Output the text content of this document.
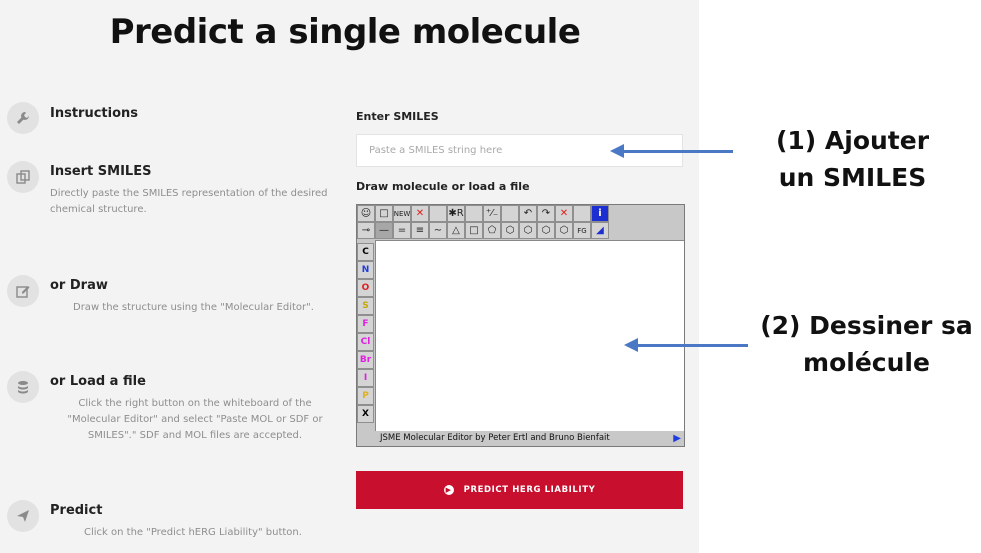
Predict a single molecule
Instructions
Insert SMILES
Directly paste the SMILES representation of the desired chemical structure.
or Draw
Draw the structure using the "Molecular Editor".
or Load a file
Click the right button on the whiteboard of the "Molecular Editor" and select "Paste MOL or SDF or SMILES"." SDF and MOL files are accepted.
Predict
Click on the "Predict hERG Liability" button.
Enter SMILES
Paste a SMILES string here
Draw molecule or load a file
☺ □ NEW ✕	✱R ⁺⁄₋	↶ ↷ ✕	i
⊸ — = ≡ ∼ △ □ ⬠ ⬡ ⬡ ⬡ ⬡	FG ◢
C
N
O
S
F
Cl
Br
I
P
X
JSME Molecular Editor by Peter Ertl and Bruno Bienfait	▶
▶ PREDICT HERG LIABILITY
(1) Ajouter
un SMILES
(2) Dessiner sa
molécule
